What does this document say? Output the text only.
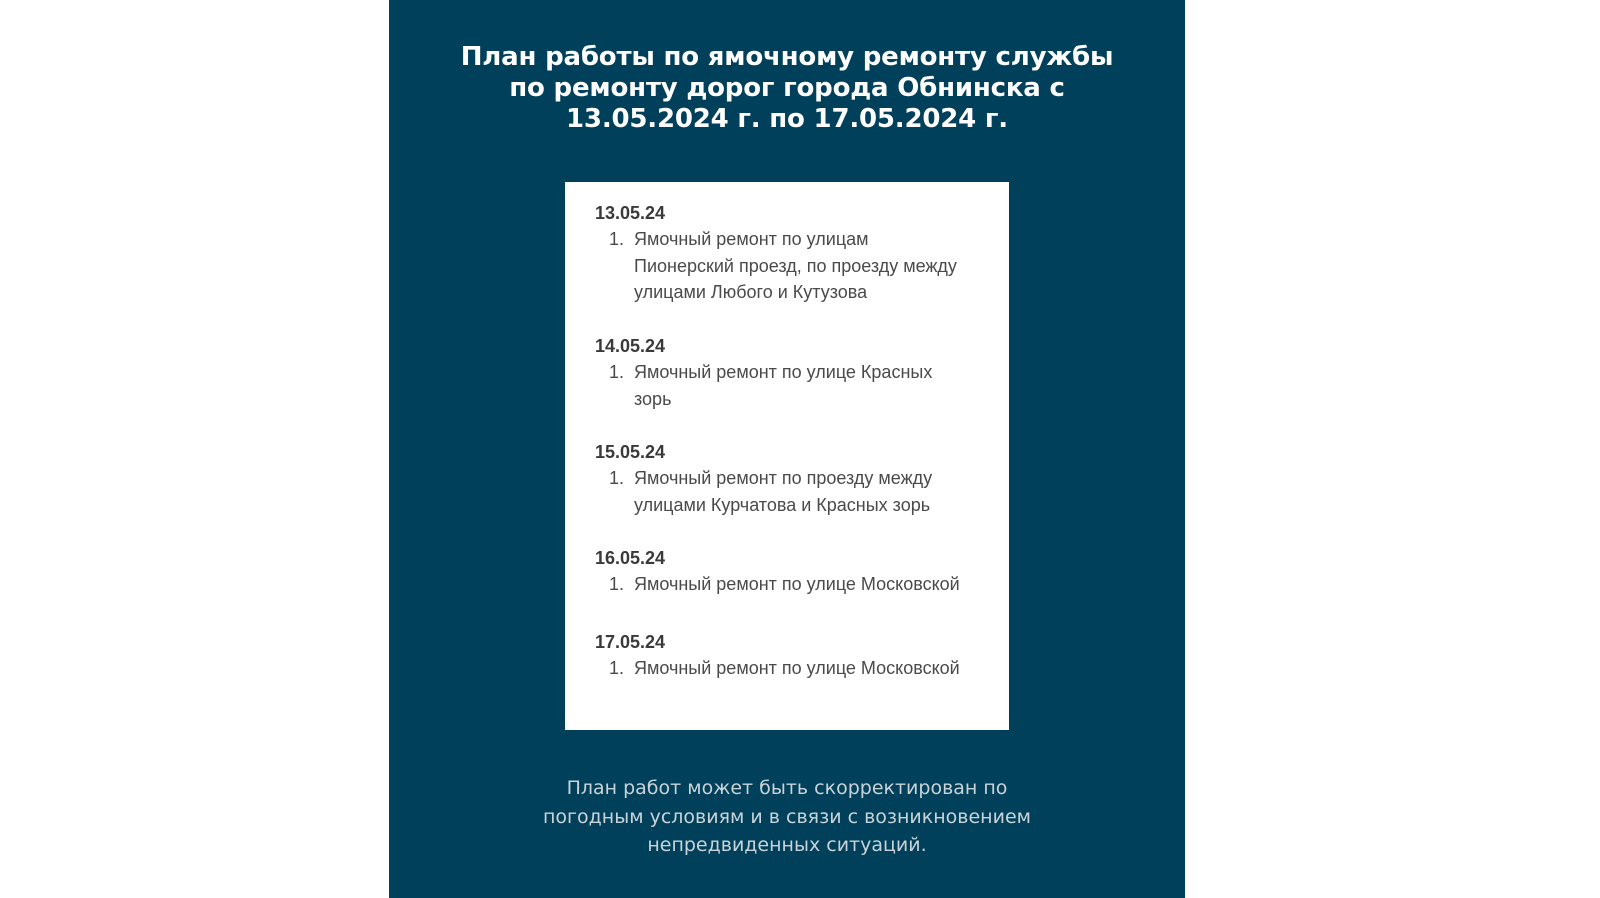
План работы по ямочному ремонту службы
по ремонту дорог города Обнинска с
13.05.2024 г. по 17.05.2024 г.
13.05.24
1. Ямочный ремонт по улицам
Пионерский проезд, по проезду между
улицами Любого и Кутузова
14.05.24
1. Ямочный ремонт по улице Красных
зорь
15.05.24
1. Ямочный ремонт по проезду между
улицами Курчатова и Красных зорь
16.05.24
1. Ямочный ремонт по улице Московской
17.05.24
1. Ямочный ремонт по улице Московской
План работ может быть скорректирован по
погодным условиям и в связи с возникновением
непредвиденных ситуаций.
